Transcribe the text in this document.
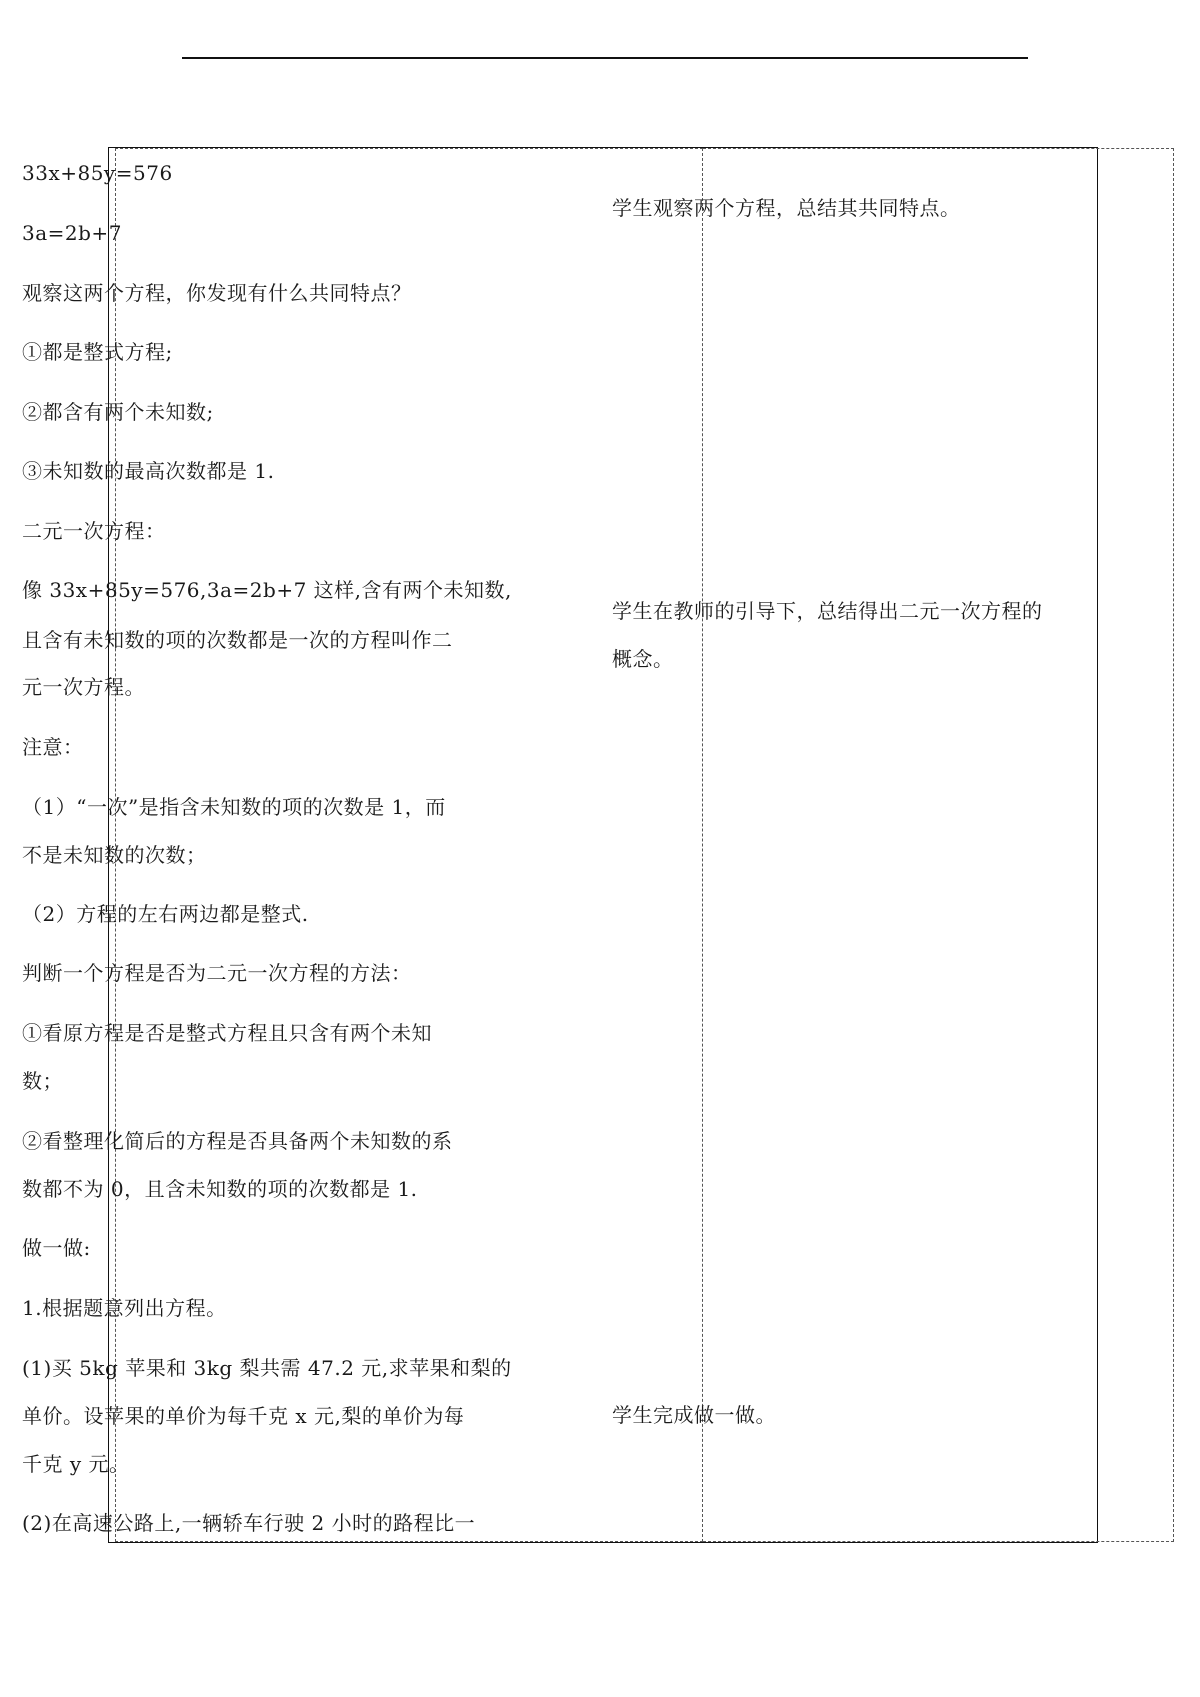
33x+85y=576
3a=2b+7
观察这两个方程，你发现有什么共同特点？
①都是整式方程;
②都含有两个未知数;
③未知数的最高次数都是 1.
二元一次方程：
像 33x+85y=576,3a=2b+7 这样,含有两个未知数,
且含有未知数的项的次数都是一次的方程叫作二
元一次方程。
注意：
（1）“一次”是指含未知数的项的次数是 1，而
不是未知数的次数；
（2）方程的左右两边都是整式.
判断一个方程是否为二元一次方程的方法：
①看原方程是否是整式方程且只含有两个未知
数；
②看整理化简后的方程是否具备两个未知数的系
数都不为 0，且含未知数的项的次数都是 1.
做一做:
1.根据题意列出方程。
(1)买 5kg 苹果和 3kg 梨共需 47.2 元,求苹果和梨的
单价。设苹果的单价为每千克 x 元,梨的单价为每
千克 y 元。
(2)在高速公路上,一辆轿车行驶 2 小时的路程比一
学生观察两个方程，总结其共同特点。
学生在教师的引导下，总结得出二元一次方程的
概念。
学生完成做一做。
